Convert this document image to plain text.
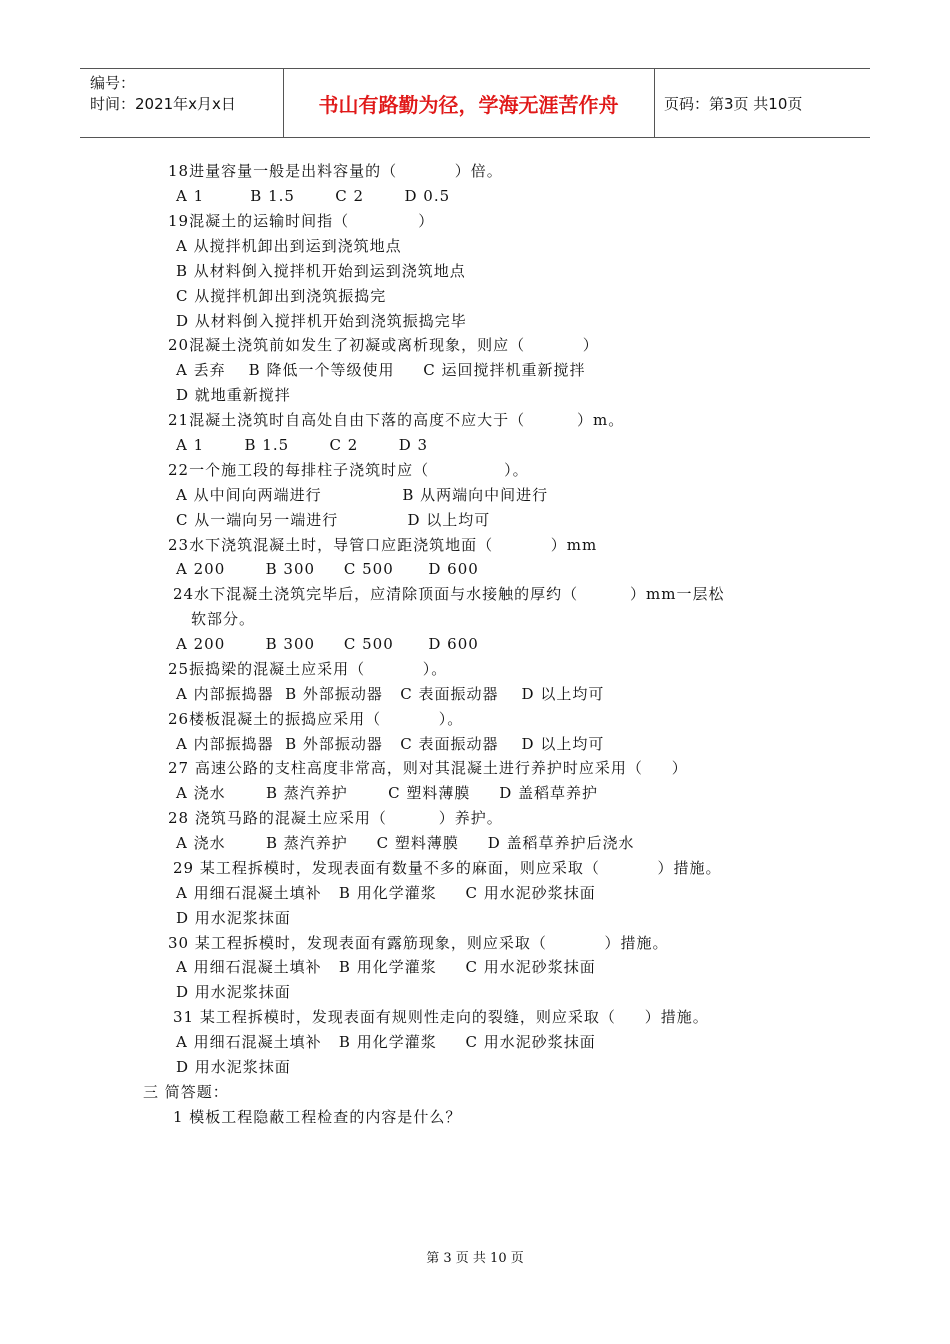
编号：
时间：2021年x月x日	书山有路勤为径，学海无涯苦作舟	页码：第3页 共10页
18进量容量一般是出料容量的（          ）倍。
A 1        B 1.5       C 2       D 0.5
19混凝土的运输时间指（            ）
A 从搅拌机卸出到运到浇筑地点
B 从材料倒入搅拌机开始到运到浇筑地点
C 从搅拌机卸出到浇筑振捣完
D 从材料倒入搅拌机开始到浇筑振捣完毕
20混凝土浇筑前如发生了初凝或离析现象，则应（          ）
A 丢弃    B 降低一个等级使用     C 运回搅拌机重新搅拌
D 就地重新搅拌
21混凝土浇筑时自高处自由下落的高度不应大于（         ）m。
A 1       B 1.5       C 2       D 3
22一个施工段的每排柱子浇筑时应（             ）。
A 从中间向两端进行              B 从两端向中间进行
C 从一端向另一端进行            D 以上均可
23水下浇筑混凝土时，导管口应距浇筑地面（          ）mm
A 200       B 300     C 500      D 600
24水下混凝土浇筑完毕后，应清除顶面与水接触的厚约（         ）mm一层松
软部分。
A 200       B 300     C 500      D 600
25振捣梁的混凝土应采用（          ）。
A 内部振捣器  B 外部振动器   C 表面振动器    D 以上均可
26楼板混凝土的振捣应采用（          ）。
A 内部振捣器  B 外部振动器   C 表面振动器    D 以上均可
27 高速公路的支柱高度非常高，则对其混凝土进行养护时应采用（     ）
A 浇水       B 蒸汽养护       C 塑料薄膜     D 盖稻草养护
28 浇筑马路的混凝土应采用（         ）养护。
A 浇水       B 蒸汽养护     C 塑料薄膜     D 盖稻草养护后浇水
29 某工程拆模时，发现表面有数量不多的麻面，则应采取（          ）措施。
A 用细石混凝土填补   B 用化学灌浆     C 用水泥砂浆抹面
D 用水泥浆抹面
30 某工程拆模时，发现表面有露筋现象，则应采取（          ）措施。
A 用细石混凝土填补   B 用化学灌浆     C 用水泥砂浆抹面
D 用水泥浆抹面
31 某工程拆模时，发现表面有规则性走向的裂缝，则应采取（     ）措施。
A 用细石混凝土填补   B 用化学灌浆     C 用水泥砂浆抹面
D 用水泥浆抹面
三 简答题：
1 模板工程隐蔽工程检查的内容是什么？
第 3 页 共 10 页
